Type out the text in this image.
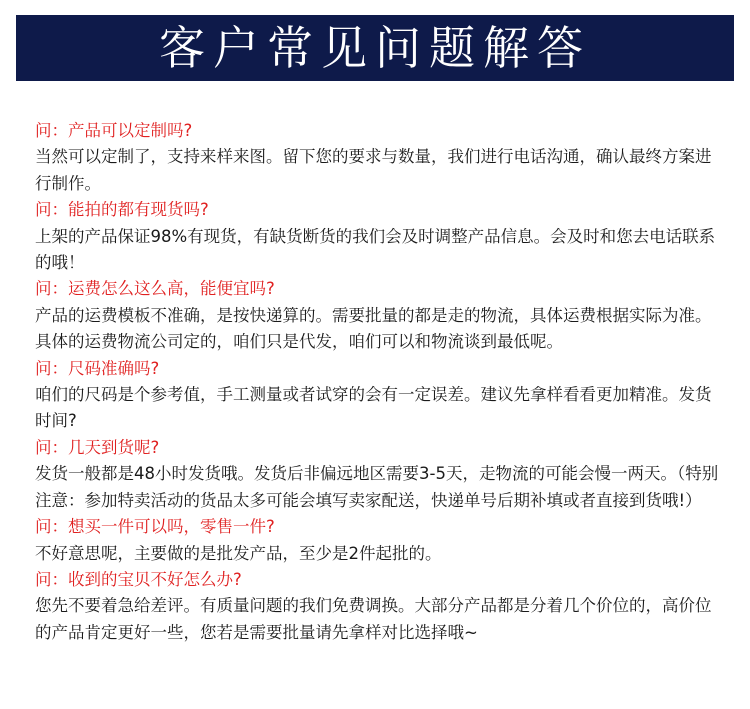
客户常见问题解答
问：产品可以定制吗?
当然可以定制了，支持来样来图。留下您的要求与数量，我们进行电话沟通，确认最终方案进行制作。
问：能拍的都有现货吗?
上架的产品保证98%有现货，有缺货断货的我们会及时调整产品信息。会及时和您去电话联系的哦！
问：运费怎么这么高，能便宜吗?
产品的运费模板不准确，是按快递算的。需要批量的都是走的物流，具体运费根据实际为准。具体的运费物流公司定的，咱们只是代发，咱们可以和物流谈到最低呢。
问：尺码准确吗?
咱们的尺码是个参考值，手工测量或者试穿的会有一定误差。建议先拿样看看更加精准。发货时间?
问：几天到货呢?
发货一般都是48小时发货哦。发货后非偏远地区需要3-5天，走物流的可能会慢一两天。（特别注意：参加特卖活动的货品太多可能会填写卖家配送，快递单号后期补填或者直接到货哦!）
问：想买一件可以吗，零售一件?
不好意思呢，主要做的是批发产品，至少是2件起批的。
问：收到的宝贝不好怎么办?
您先不要着急给差评。有质量问题的我们免费调换。大部分产品都是分着几个价位的，高价位的产品肯定更好一些，您若是需要批量请先拿样对比选择哦~
